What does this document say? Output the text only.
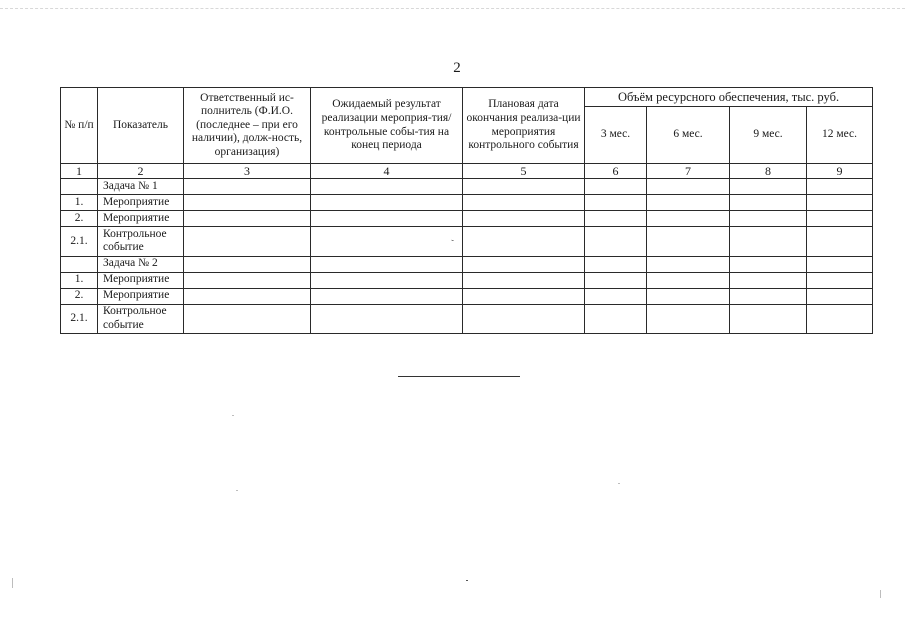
2
№ п/п	Показатель	Ответственный ис-полнитель (Ф.И.О. (последнее – при его наличии), долж-ность, организация)	Ожидаемый результат реализации мероприя-тия/контрольные собы-тия на конец периода	Плановая дата окончания реализа-ции мероприятия контрольного события	Объём ресурсного обеспечения, тыс. руб.			
					3 мес.	6 мес.	9 мес.	12 мес.
1	2	3	4	5	6	7	8	9
	Задача № 1							
1.	Мероприятие							
2.	Мероприятие							
2.1.	Контрольное событие							
	Задача № 2							
1.	Мероприятие							
2.	Мероприятие							
2.1.	Контрольное событие							
,
